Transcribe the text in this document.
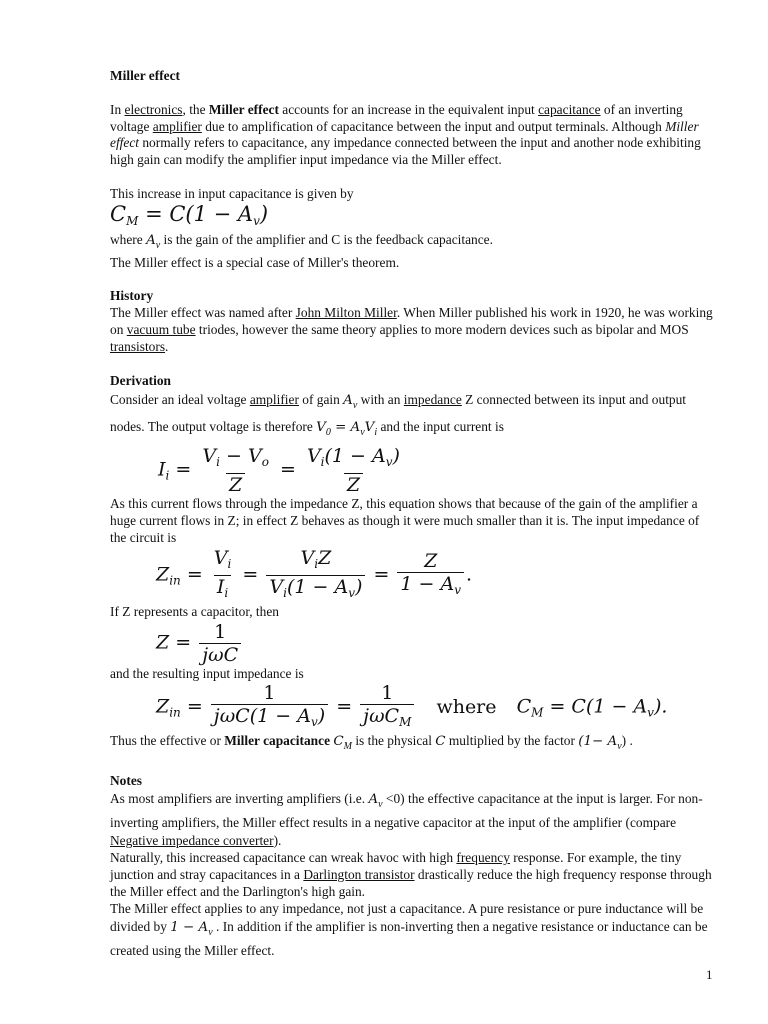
Miller effect

In electronics, the Miller effect accounts for an increase in the equivalent input capacitance of an inverting voltage amplifier due to amplification of capacitance between the input and output terminals. Although Miller effect normally refers to capacitance, any impedance connected between the input and another node exhibiting high gain can modify the amplifier input impedance via the Miller effect.

This increase in input capacitance is given by

$C_M = C(1 - A_v)$

where $A_v$ is the gain of the amplifier and C is the feedback capacitance.

The Miller effect is a special case of Miller's theorem.

History

The Miller effect was named after John Milton Miller. When Miller published his work in 1920, he was working on vacuum tube triodes, however the same theory applies to more modern devices such as bipolar and MOS transistors.

Derivation

Consider an ideal voltage amplifier of gain $A_v$ with an impedance Z connected between its input and output nodes. The output voltage is therefore $V_0 = A_vV_i$ and the input current is

$I_i = \frac{V_i - V_o}{Z} = \frac{V_i(1 - A_v)}{Z}$

As this current flows through the impedance Z, this equation shows that because of the gain of the amplifier a huge current flows in Z; in effect Z behaves as though it were much smaller than it is. The input impedance of the circuit is

$Z_{in} = \frac{V_i}{I_i} = \frac{V_iZ}{V_i(1 - A_v)} = \frac{Z}{1 - A_v}$ .

If Z represents a capacitor, then

$Z = \frac{1}{\text{jωC}}$

and the resulting input impedance is

$Z_{in} = \frac{1}{j\omega C(1 - A_v)} = \frac{1}{j\omega C_M}$ where $C_M = C(1 - A_v)$.

Thus the effective or Miller capacitance $C_M$ is the physical C multiplied by the factor $(1- A_v)$ .

Notes

As most amplifiers are inverting amplifiers (i.e. $A_v <0$) the effective capacitance at the input is larger. For non-inverting amplifiers, the Miller effect results in a negative capacitor at the input of the amplifier (compare Negative impedance converter).

Naturally, this increased capacitance can wreak havoc with high frequency response. For example, the tiny junction and stray capacitances in a Darlington transistor drastically reduce the high frequency response through the Miller effect and the Darlington's high gain.

The Miller effect applies to any impedance, not just a capacitance. A pure resistance or pure inductance will be divided by $1 - A_v$ . In addition if the amplifier is non-inverting then a negative resistance or inductance can be created using the Miller effect.

1
